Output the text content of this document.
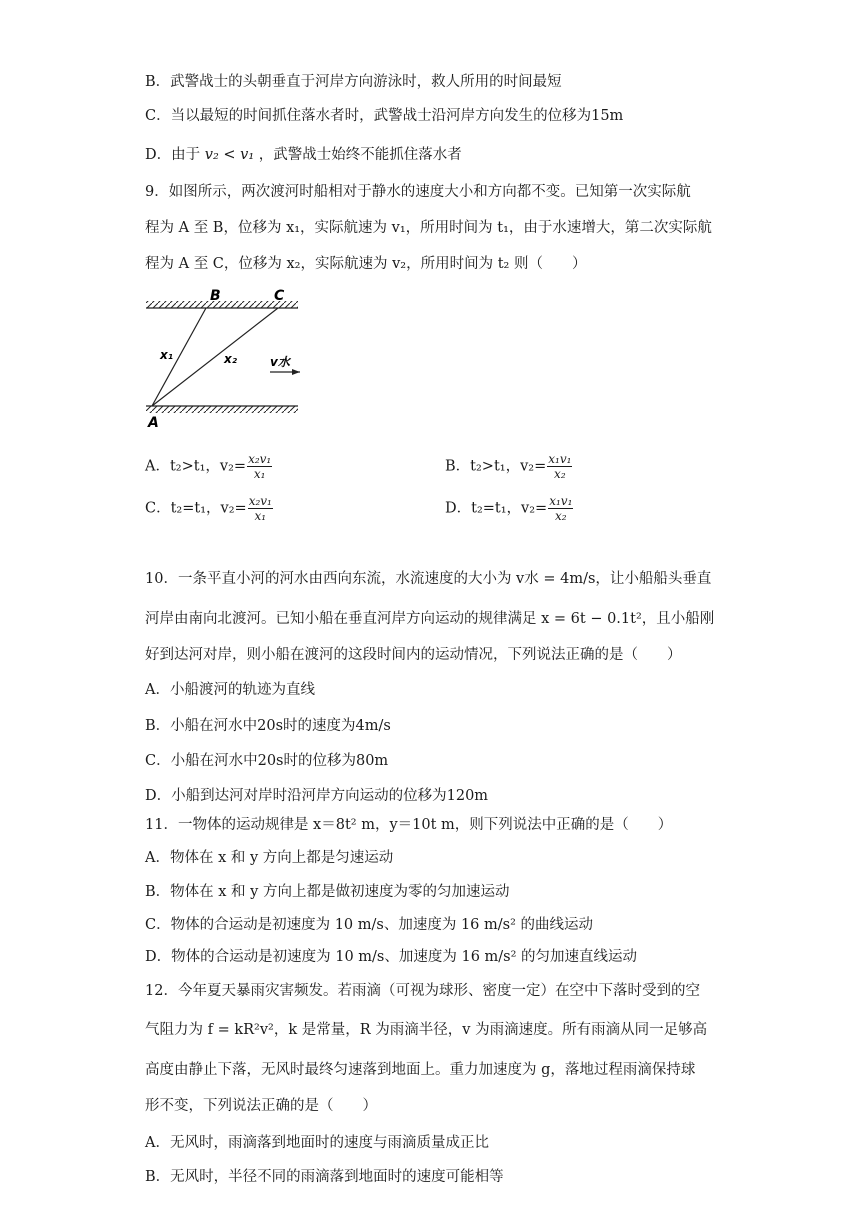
B．武警战士的头朝垂直于河岸方向游泳时，救人所用的时间最短
C．当以最短的时间抓住落水者时，武警战士沿河岸方向发生的位移为15m
D．由于 v₂ < v₁ ，武警战士始终不能抓住落水者
9．如图所示，两次渡河时船相对于静水的速度大小和方向都不变。已知第一次实际航
程为 A 至 B，位移为 x₁，实际航速为 v₁，所用时间为 t₁，由于水速增大，第二次实际航
程为 A 至 C，位移为 x₂，实际航速为 v₂，所用时间为 t₂ 则（　　）
A
B	C
x₁	x₂	v水
A．t₂>t₁，$v_2= \frac{\text{x₂v₁}}{\text{x₁}}$	B．t₂>t₁，$v_2= \frac{\text{x₁v₁}}{\text{x₂}}$
C．t₂=t₁，$v_2= \frac{\text{x₂v₁}}{\text{x₁}}$	D．t₂=t₁，$v_2= \frac{\text{x₁v₁}}{\text{x₂}}$
10．一条平直小河的河水由西向东流，水流速度的大小为 v水 = 4m/s，让小船船头垂直
河岸由南向北渡河。已知小船在垂直河岸方向运动的规律满足 x = 6t − 0.1t²，且小船刚
好到达河对岸，则小船在渡河的这段时间内的运动情况，下列说法正确的是（　　）
A．小船渡河的轨迹为直线
B．小船在河水中20s时的速度为4m/s
C．小船在河水中20s时的位移为80m
D．小船到达河对岸时沿河岸方向运动的位移为120m
11．一物体的运动规律是 x＝8t² m，y＝10t m，则下列说法中正确的是（　　）
A．物体在 x 和 y 方向上都是匀速运动
B．物体在 x 和 y 方向上都是做初速度为零的匀加速运动
C．物体的合运动是初速度为 10 m/s、加速度为 16 m/s² 的曲线运动
D．物体的合运动是初速度为 10 m/s、加速度为 16 m/s² 的匀加速直线运动
12．今年夏天暴雨灾害频发。若雨滴（可视为球形、密度一定）在空中下落时受到的空
气阻力为 f = kR²v²，k 是常量，R 为雨滴半径，v 为雨滴速度。所有雨滴从同一足够高
高度由静止下落，无风时最终匀速落到地面上。重力加速度为 g，落地过程雨滴保持球
形不变，下列说法正确的是（　　）
A．无风时，雨滴落到地面时的速度与雨滴质量成正比
B．无风时，半径不同的雨滴落到地面时的速度可能相等
